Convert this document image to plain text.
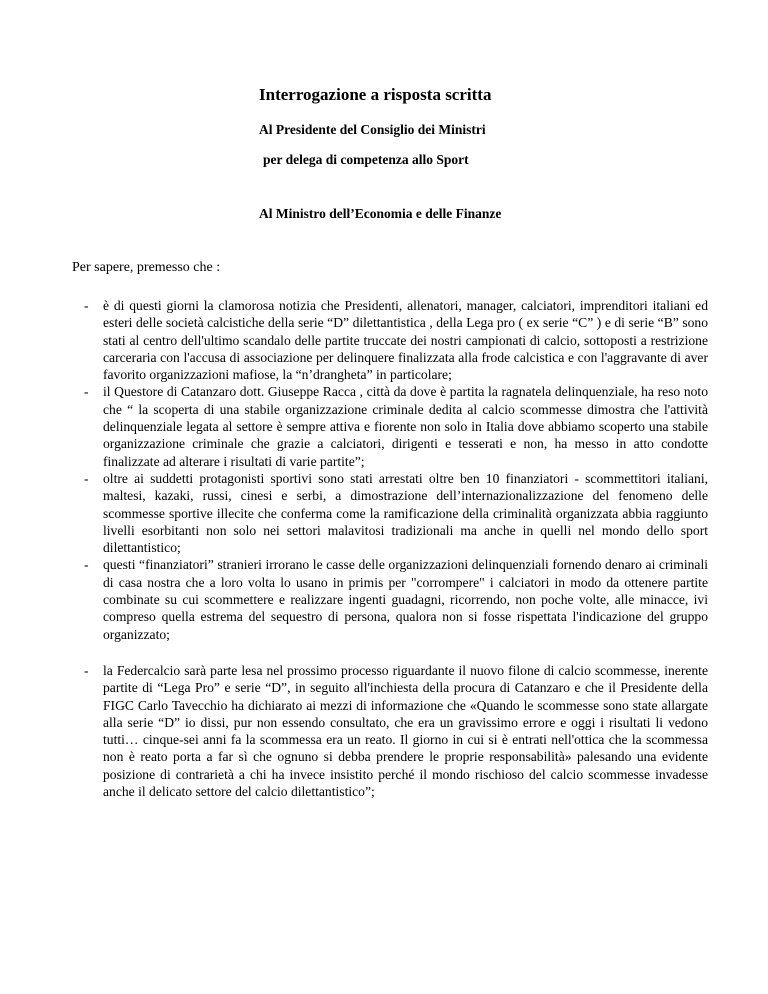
Interrogazione a risposta scritta
Al Presidente del Consiglio dei Ministri
per delega di competenza allo Sport
Al Ministro dell’Economia e delle Finanze
Per sapere, premesso che :
- è di questi giorni la clamorosa notizia che Presidenti, allenatori, manager, calciatori, imprenditori italiani ed esteri delle società calcistiche della serie “D” dilettantistica , della Lega pro ( ex serie “C” ) e di serie “B” sono stati al centro dell'ultimo scandalo delle partite truccate dei nostri campionati di calcio, sottoposti a restrizione carceraria con l'accusa di associazione per delinquere finalizzata alla frode calcistica e con l'aggravante di aver favorito organizzazioni mafiose, la “n’drangheta” in particolare;
- il Questore di Catanzaro dott. Giuseppe Racca , città da dove è partita la ragnatela delinquenziale, ha reso noto che “ la scoperta di una stabile organizzazione criminale dedita al calcio scommesse dimostra che l'attività delinquenziale legata al settore è sempre attiva e fiorente non solo in Italia dove abbiamo scoperto una stabile organizzazione criminale che grazie a calciatori, dirigenti e tesserati e non, ha messo in atto condotte finalizzate ad alterare i risultati di varie partite”;
- oltre ai suddetti protagonisti sportivi sono stati arrestati oltre ben 10 finanziatori - scommettitori italiani, maltesi, kazaki, russi, cinesi e serbi, a dimostrazione dell’internazionalizzazione del fenomeno delle scommesse sportive illecite che conferma come la ramificazione della criminalità organizzata abbia raggiunto livelli esorbitanti non solo nei settori malavitosi tradizionali ma anche in quelli nel mondo dello sport dilettantistico;
- questi “finanziatori” stranieri irrorano le casse delle organizzazioni delinquenziali fornendo denaro ai criminali di casa nostra che a loro volta lo usano in primis per "corrompere" i calciatori in modo da ottenere partite combinate su cui scommettere e realizzare ingenti guadagni, ricorrendo, non poche volte, alle minacce, ivi compreso quella estrema del sequestro di persona, qualora non si fosse rispettata l'indicazione del gruppo organizzato;
- la Federcalcio sarà parte lesa nel prossimo processo riguardante il nuovo filone di calcio scommesse, inerente partite di “Lega Pro” e serie “D”, in seguito all'inchiesta della procura di Catanzaro e che il Presidente della FIGC Carlo Tavecchio ha dichiarato ai mezzi di informazione che «Quando le scommesse sono state allargate alla serie “D” io dissi, pur non essendo consultato, che era un gravissimo errore e oggi i risultati li vedono tutti… cinque-sei anni fa la scommessa era un reato. Il giorno in cui si è entrati nell'ottica che la scommessa non è reato porta a far sì che ognuno si debba prendere le proprie responsabilità» palesando una evidente posizione di contrarietà a chi ha invece insistito perché il mondo rischioso del calcio scommesse invadesse anche il delicato settore del calcio dilettantistico”;
